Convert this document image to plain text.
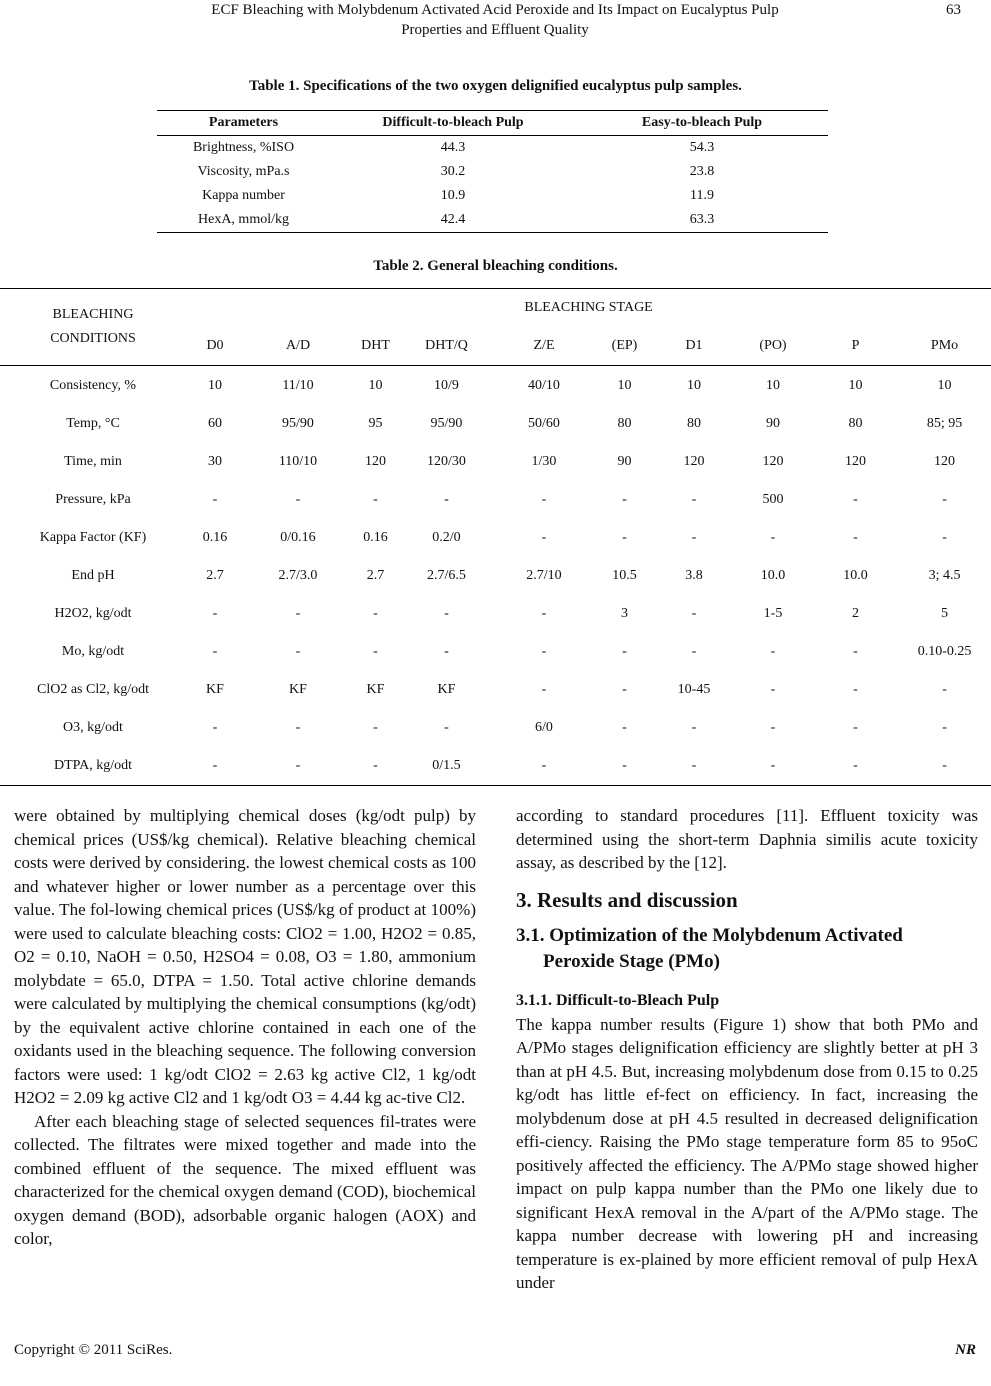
ECF Bleaching with Molybdenum Activated Acid Peroxide and Its Impact on Eucalyptus Pulp
Properties and Effluent Quality
63
Table 1. Specifications of the two oxygen delignified eucalyptus pulp samples.
Parameters	Difficult-to-bleach Pulp	Easy-to-bleach Pulp
Brightness, %ISO	44.3	54.3
Viscosity, mPa.s	30.2	23.8
Kappa number	10.9	11.9
HexA, mmol/kg	42.4	63.3
Table 2. General bleaching conditions.
BLEACHING CONDITIONS	BLEACHING STAGE									
	D0	A/D	DHT	DHT/Q	Z/E	(EP)	D1	(PO)	P	PMo
Consistency, %	10	11/10	10	10/9	40/10	10	10	10	10	10
Temp, °C	60	95/90	95	95/90	50/60	80	80	90	80	85; 95
Time, min	30	110/10	120	120/30	1/30	90	120	120	120	120
Pressure, kPa	-	-	-	-	-	-	-	500	-	-
Kappa Factor (KF)	0.16	0/0.16	0.16	0.2/0	-	-	-	-	-	-
End pH	2.7	2.7/3.0	2.7	2.7/6.5	2.7/10	10.5	3.8	10.0	10.0	3; 4.5
H2O2, kg/odt	-	-	-	-	-	3	-	1-5	2	5
Mo, kg/odt	-	-	-	-	-	-	-	-	-	0.10-0.25
ClO2 as Cl2, kg/odt	KF	KF	KF	KF	-	-	10-45	-	-	-
O3, kg/odt	-	-	-	-	6/0	-	-	-	-	-
DTPA, kg/odt	-	-	-	0/1.5	-	-	-	-	-	-

were obtained by multiplying chemical doses (kg/odt pulp) by chemical prices (US$/kg chemical). Relative bleaching chemical costs were derived by considering. the lowest chemical costs as 100 and whatever higher or lower number as a percentage over this value. The fol-lowing chemical prices (US$/kg of product at 100%) were used to calculate bleaching costs: ClO2 = 1.00, H2O2 = 0.85, O2 = 0.10, NaOH = 0.50, H2SO4 = 0.08, O3 = 1.80, ammonium molybdate = 65.0, DTPA = 1.50. Total active chlorine demands were calculated by multiplying the chemical consumptions (kg/odt) by the equivalent active chlorine contained in each one of the oxidants used in the bleaching sequence. The following conversion factors were used: 1 kg/odt ClO2 = 2.63 kg active Cl2, 1 kg/odt H2O2 = 2.09 kg active Cl2 and 1 kg/odt O3 = 4.44 kg ac-tive Cl2.

After each bleaching stage of selected sequences fil-trates were collected. The filtrates were mixed together and made into the combined effluent of the sequence. The mixed effluent was characterized for the chemical oxygen demand (COD), biochemical oxygen demand (BOD), adsorbable organic halogen (AOX) and color,

according to standard procedures [11]. Effluent toxicity was determined using the short-term Daphnia similis acute toxicity assay, as described by the [12].

3. Results and discussion

3.1. Optimization of the Molybdenum Activated
Peroxide Stage (PMo)

3.1.1. Difficult-to-Bleach Pulp

The kappa number results (Figure 1) show that both PMo and A/PMo stages delignification efficiency are slightly better at pH 3 than at pH 4.5. But, increasing molybdenum dose from 0.15 to 0.25 kg/odt has little ef-fect on efficiency. In fact, increasing the molybdenum dose at pH 4.5 resulted in decreased delignification effi-ciency. Raising the PMo stage temperature form 85 to 95oC positively affected the efficiency. The A/PMo stage showed higher impact on pulp kappa number than the PMo one likely due to significant HexA removal in the A/part of the A/PMo stage. The kappa number decrease with lowering pH and increasing temperature is ex-plained by more efficient removal of pulp HexA under

Copyright © 2011 SciRes.	NR
